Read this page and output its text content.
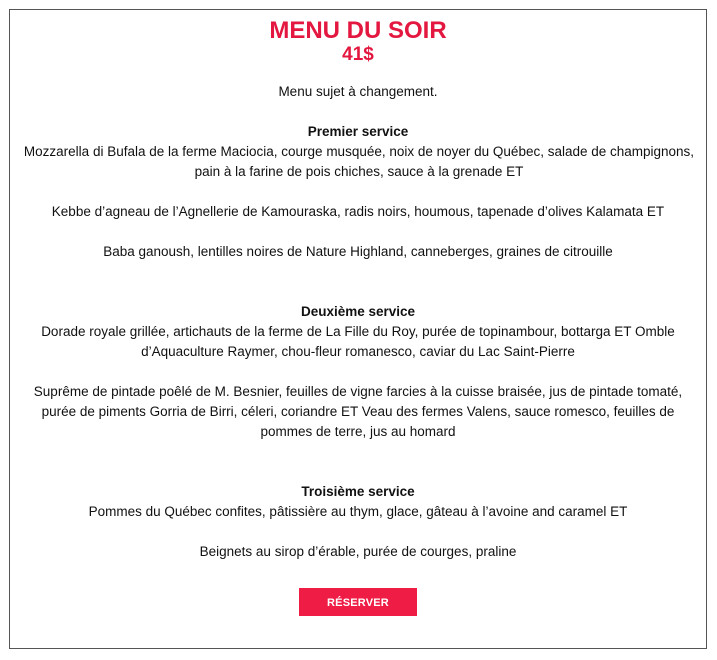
MENU DU SOIR
41$
Menu sujet à changement.
Premier service
Mozzarella di Bufala de la ferme Maciocia, courge musquée, noix de noyer du Québec, salade de champignons, pain à la farine de pois chiches, sauce à la grenade ET
Kebbe d’agneau de l’Agnellerie de Kamouraska, radis noirs, houmous, tapenade d’olives Kalamata ET
Baba ganoush, lentilles noires de Nature Highland, canneberges, graines de citrouille
Deuxième service
Dorade royale grillée, artichauts de la ferme de La Fille du Roy, purée de topinambour, bottarga ET Omble d’Aquaculture Raymer, chou-fleur romanesco, caviar du Lac Saint-Pierre
Suprême de pintade poêlé de M. Besnier, feuilles de vigne farcies à la cuisse braisée, jus de pintade tomaté, purée de piments Gorria de Birri, céleri, coriandre ET Veau des fermes Valens, sauce romesco, feuilles de pommes de terre, jus au homard
Troisième service
Pommes du Québec confites, pâtissière au thym, glace, gâteau à l’avoine and caramel ET
Beignets au sirop d’érable, purée de courges, praline
RÉSERVER
